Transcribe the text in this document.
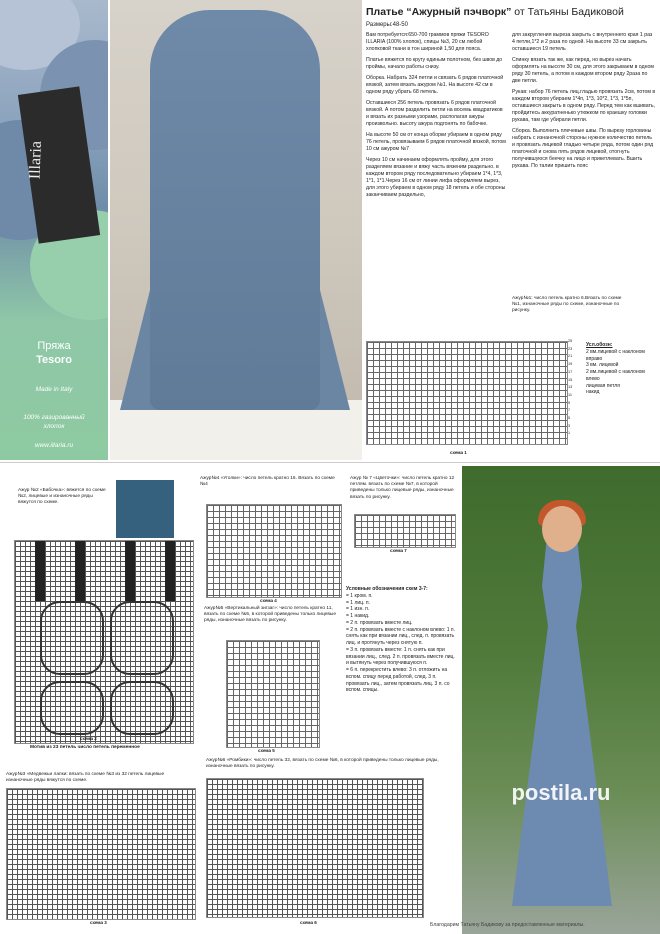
Illaria
Пряжа
Tesoro
Made in Italy
100% газированный
хлопок
www.illaria.ru
Платье “Ажурный пэчворк” от Татьяны Бадиковой
Размеры:48-50

Вам потребуется:650-700 граммов пряжи TESORO ILLARIA (100% хлопок), спицы №3, 20 см любой хлопковой ткани в тон шириной 1,50 для пояса.

Платье вяжется по кругу единым полотном, без швов до проймы, начало работы снизу.

Оборка. Набрать 324 петли и связать 6 рядов платочной вязкой, затем вязать ажуром №1. На высоте 42 см в одном ряду убрать 68 петель.

Оставшиеся 256 петель провязать 6 рядов платочной вязкой. А потом разделить петли на восемь квадратиков и вязать их разными узорами, располагая ажуры произвольно. высоту ажура подгонять по бабочке.

На высоте 50 см от конца оборки убираем в одном ряду 76 петель, провязываем 6 рядов платочной вязкой, потом 10 см ажуром №7

Через 10 см начинаем оформлять пройму, для этого разделяем вязание и вяжу часть вязеним раздельно. в каждом втором ряду последовательно убираем 1*4, 1*3, 1*1, 1*1.Через 16 см от линии лифа оформляем вырез, для этого убираем в одном ряду 18 петель и обе стороны заканчиваем раздельно,

для закругления выреза закрыть с внутреннего края 1 раз 4 петли,1*2 и 2 раза по одной. На высоте 33 см закрыть оставшиеся 19 петель

Спинку вязать так же, как перед, но вырез начать оформлять на высоте 30 см, для этого закрываем в одном ряду 30 петель, а потом в каждом втором ряду 2раза по две петли.

Рукав: набор 76 петель лиц.гладью провязать 2см, потом в каждом втором убираем 1*4п, 1*3, 10*2, 1*3, 1*5п, оставшиеся закрыть в одном ряду. Перед тем как вшивать, пройдитесь аккуратненько утюжком по краешку головки рукава, там где убирали петли.

Сборка. Выполнить плечевые швы. По вырезу горловины набрать с изнаночной стороны нужное количество петель и провязать лицевой гладью четыре ряда, потом один ряд платочной и снова пять рядов лицевой, отогнуть получившуюся беечку на лицо и прикетлевать. Вшить рукава. По талии пришить пояс

Ажур№1: число петель кратно 6.Вязать по схеме №1, изнаночные ряды по схеме, изнаночные по рисунку.
25
23
21
19
17
15
13
11
9
7
5
3
1
схема 1
Усл.обозн:
2 вм.лицевой с наклоном вправо
3 вм. лицевой
2 вм.лицевой с наклоном влево
лицевая петля
накид
Ажур №2 «Бабочка»: вяжется по схеме №2, лицевые и изнаночные ряды вяжутся по схеме.
Мотив из 23 петель число петель переменное
схема 2
Ажур№4 «Уголки»: число петель кратно 16. Вязать по схеме №4
схема 4
Ажур № 7 «Цветочки»: число петель кратно 12 петлям. вязать по схеме №7, в которой приведены только лицевые ряды, изнаночные вязать по рисунку.
схема 7
Условные обозначения схем 3-7:
= 1 кром. п.
= 1 лиц. п.
= 1 изн. п.
= 1 накид.
= 2 п. провязать вместе лиц.
= 2 п. провязать вместе с наклоном влево: 1 п. снять как при вязании лиц., след. п. провязать лиц. и протянуть через снятую п.
= 3 п. провязать вместе: 1 п. снять как при вязании лиц., след. 2 п. провязать вместе лиц. и вытянуть через получившуюся п.
= 6 п. перекрестить влево: 3 п. отложить на вспом. спицу перед работой, след. 3 п. провязать лиц., затем провязать лиц. 3 п. со вспом. спицы.
Ажур№5 «Вертикальный зигзаг»: число петель кратно 11, вязать по схеме №5, в которой приведены только лицевые ряды, изнаночные вязать по рисунку.
схема 5
Ажур№3 «Медвежьи лапки: вязать по схеме №3 из 32 петель лицевые изнаночные ряды вяжутся по схеме.
схема 3
Ажур№6 «Ромбики»: число петель 32, вязать по схеме №6, в которой приведены только лицевые ряды, изнаночные вязать по рисунку.
схема 6
postila.ru
Благодарим Татьяну Бадикову за предоставленные материалы.
